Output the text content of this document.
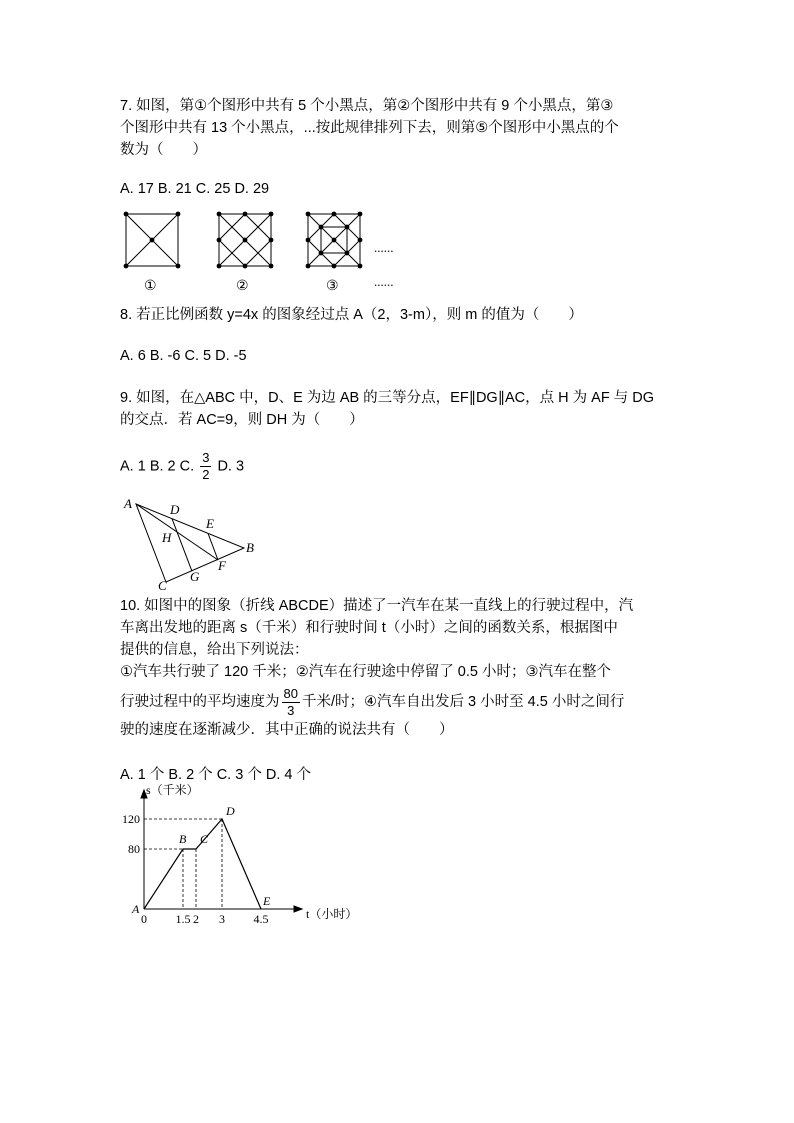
7. 如图，第①个图形中共有 5 个小黑点，第②个图形中共有 9 个小黑点，第③
个图形中共有 13 个小黑点，...按此规律排列下去，则第⑤个图形中小黑点的个
数为（　　）
A. 17 B. 21 C. 25 D. 29
......
......
①	②	③
8. 若正比例函数 y=4x 的图象经过点 A（2，3-m），则 m 的值为（　　）
A. 6 B. -6 C. 5 D. -5
9. 如图，在△ABC 中，D、E 为边 AB 的三等分点，EF∥DG∥AC，点 H 为 AF 与 DG
的交点．若 AC=9，则 DH 为（　　）
A. 1 B. 2 C. $\frac{3}{2} D$. 3
A	D
E
B
H
F
G
C
10. 如图中的图象（折线 ABCDE）描述了一汽车在某一直线上的行驶过程中，汽
车离出发地的距离 s（千米）和行驶时间 t（小时）之间的函数关系，根据图中
提供的信息，给出下列说法：
①汽车共行驶了 120 千米；②汽车在行驶途中停留了 0.5 小时；③汽车在整个
行驶过程中的平均速度为 $\frac{80}{3}$ 千米/时；④汽车自出发后 3 小时至 4.5 小时之间行
驶的速度在逐渐减少．其中正确的说法共有（　　）
A. 1 个 B. 2 个 C. 3 个 D. 4 个
80
120
0 1.5 2 3 4.5
A
B C
D
E
t（小时）
s（千米）
